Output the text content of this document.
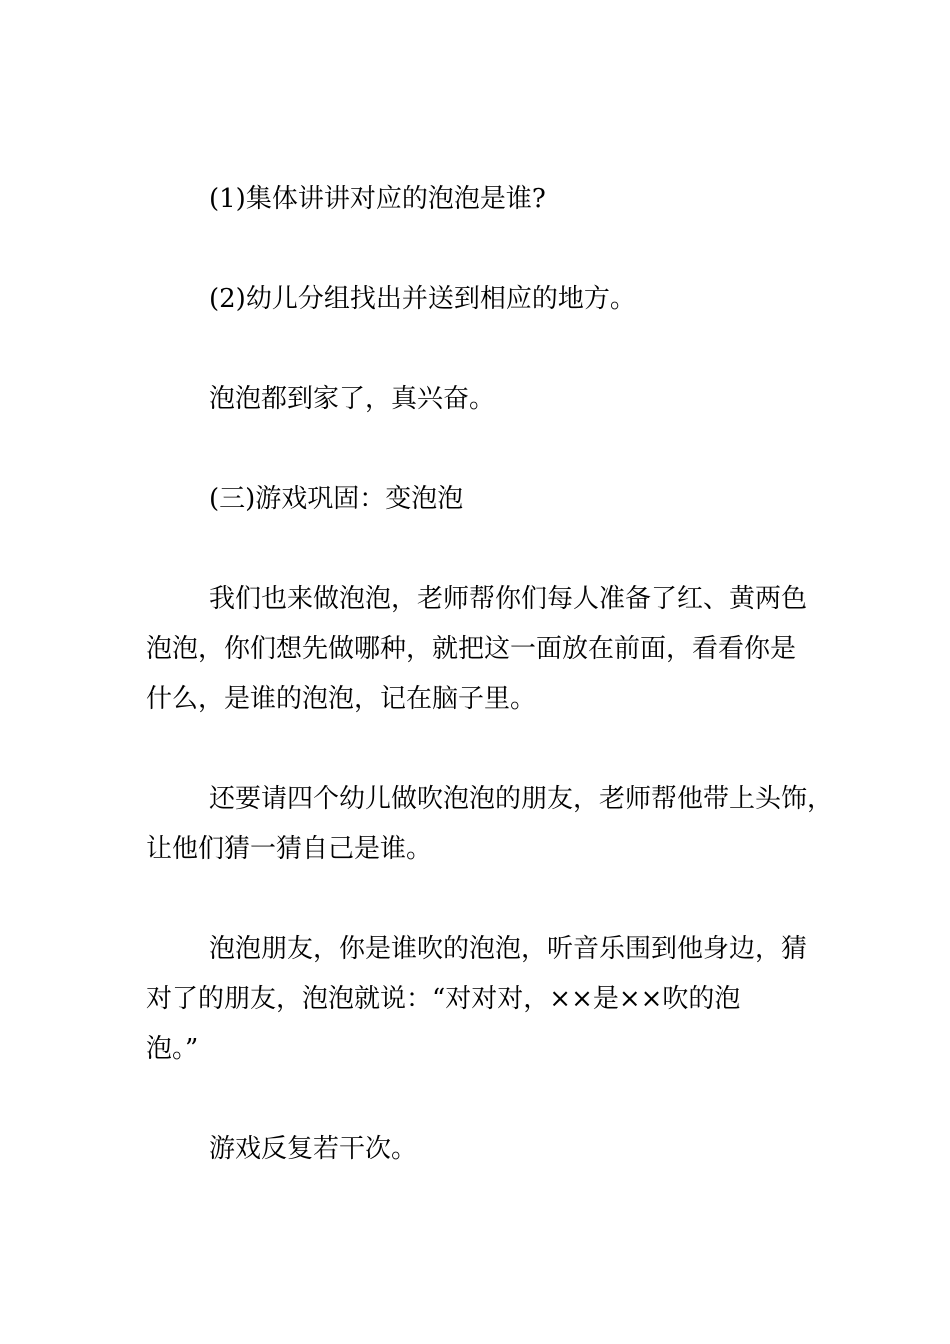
(1)集体讲讲对应的泡泡是谁?
(2)幼儿分组找出并送到相应的地方。
泡泡都到家了，真兴奋。
(三)游戏巩固：变泡泡
我们也来做泡泡，老师帮你们每人准备了红、黄两色
泡泡，你们想先做哪种，就把这一面放在前面，看看你是
什么，是谁的泡泡，记在脑子里。
还要请四个幼儿做吹泡泡的朋友，老师帮他带上头饰，
让他们猜一猜自己是谁。
泡泡朋友，你是谁吹的泡泡，听音乐围到他身边，猜
对了的朋友，泡泡就说：“对对对，××是××吹的泡
泡。”
游戏反复若干次。
